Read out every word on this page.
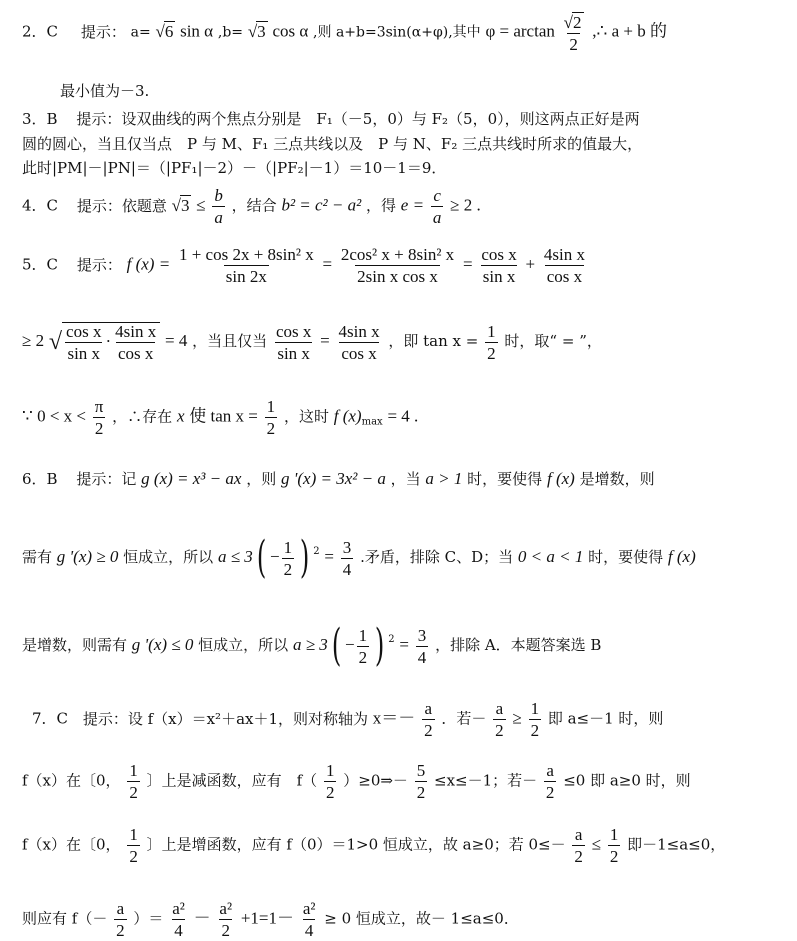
2．C 提示： a= √6 sin α ,b= √3 cos α ,则 a+b=3sin(α+φ),其中 $\varphi = \arctan \frac{√2}{2}$ ,∴ a + b 的
最小值为－3.
3．B 提示：设双曲线的两个焦点分别是　F₁（－5，0）与 F₂（5，0），则这两点正好是两
圆的圆心，当且仅当点　P 与 M、F₁ 三点共线以及　P 与 N、F₂ 三点共线时所求的值最大，
此时|PM|－|PN|＝（|PF₁|－2）－（|PF₂|－1）＝10－1＝9．
4．C 提示：依题意 $√3 \le \frac{b}{a}$ ，结合 b² = c² − a² ，得 $e = \frac{c}{a} \ge 2$ .
5．C 提示： f $(x) = \frac{\text{1 + cos 2x + 8sin² x}}{\sin 2x} = \frac{\text{2cos² x + 8sin² x}}{\text{2sin x cos x}} = \frac{\text{cos x}}{\text{sin x}} + \frac{\text{4sin x}}{\text{cos x}}$
≥ 2 √ $\frac{\text{cos x}}{\text{sin x}} \cdot \frac{\text{4sin x}}{\text{cos x}} = 4$ ，当且仅当 $\frac{\text{cos x}}{\text{sin x}} = \frac{\text{4sin x}}{\text{cos x}}$ ，即 $\tan x = \frac{1}{2}$ 时，取“ = ”，
∵ $0 < x < \frac{\pi}{2}$ ，∴存在 x 使 $\tan x = \frac{1}{2}$ ，这时 f $(x)_{max} = 4$ .
6．B 提示：记 g (x) = x³ − ax ，则 g '(x) = 3x² − a ，当 a > 1 时，要使得 f (x) 是增数，则
需有 g '(x) ≥ 0 恒成立，所以 $a \le 3( - \frac{1}{2}$ ) $^2 = \frac{3}{4}$ .矛盾，排除 C、D；当 0 < a < 1 时，要使得 f (x)
是增数，则需有 g '(x) ≤ 0 恒成立，所以 $a \ge 3( - \frac{1}{2}$ ) $^2 = \frac{3}{4}$ ，排除 A．本题答案选 B
7．C 提示：设 f（x）＝x²＋ax＋1，则对称轴为 $x=- \frac{a}{2}$ ．若－ $\frac{a}{2} \ge \frac{1}{2}$ 即 a≤－1 时，则
f（x）在〔0， $\frac{1}{2}$ 〕上是减函数，应有　$f( \frac{1}{2}$ ）≥0⇒－ $\frac{5}{2} \le x\le-1$；若－ $\frac{a}{2} \le 0$ 即 a≥0 时，则
f（x）在〔0， $\frac{1}{2}$ 〕上是增函数，应有 f（0）＝1>0 恒成立，故 a≥0；若 $0\le- \frac{a}{2} \le \frac{1}{2}$ 即－1≤a≤0，
则应有 $f(- \frac{a}{2}$ ）＝ $\frac{\text{a²}}{4} - \frac{\text{a²}}{2} +1=1- \frac{\text{a²}}{4} \ge 0$ 恒成立，故－ 1≤a≤0．
